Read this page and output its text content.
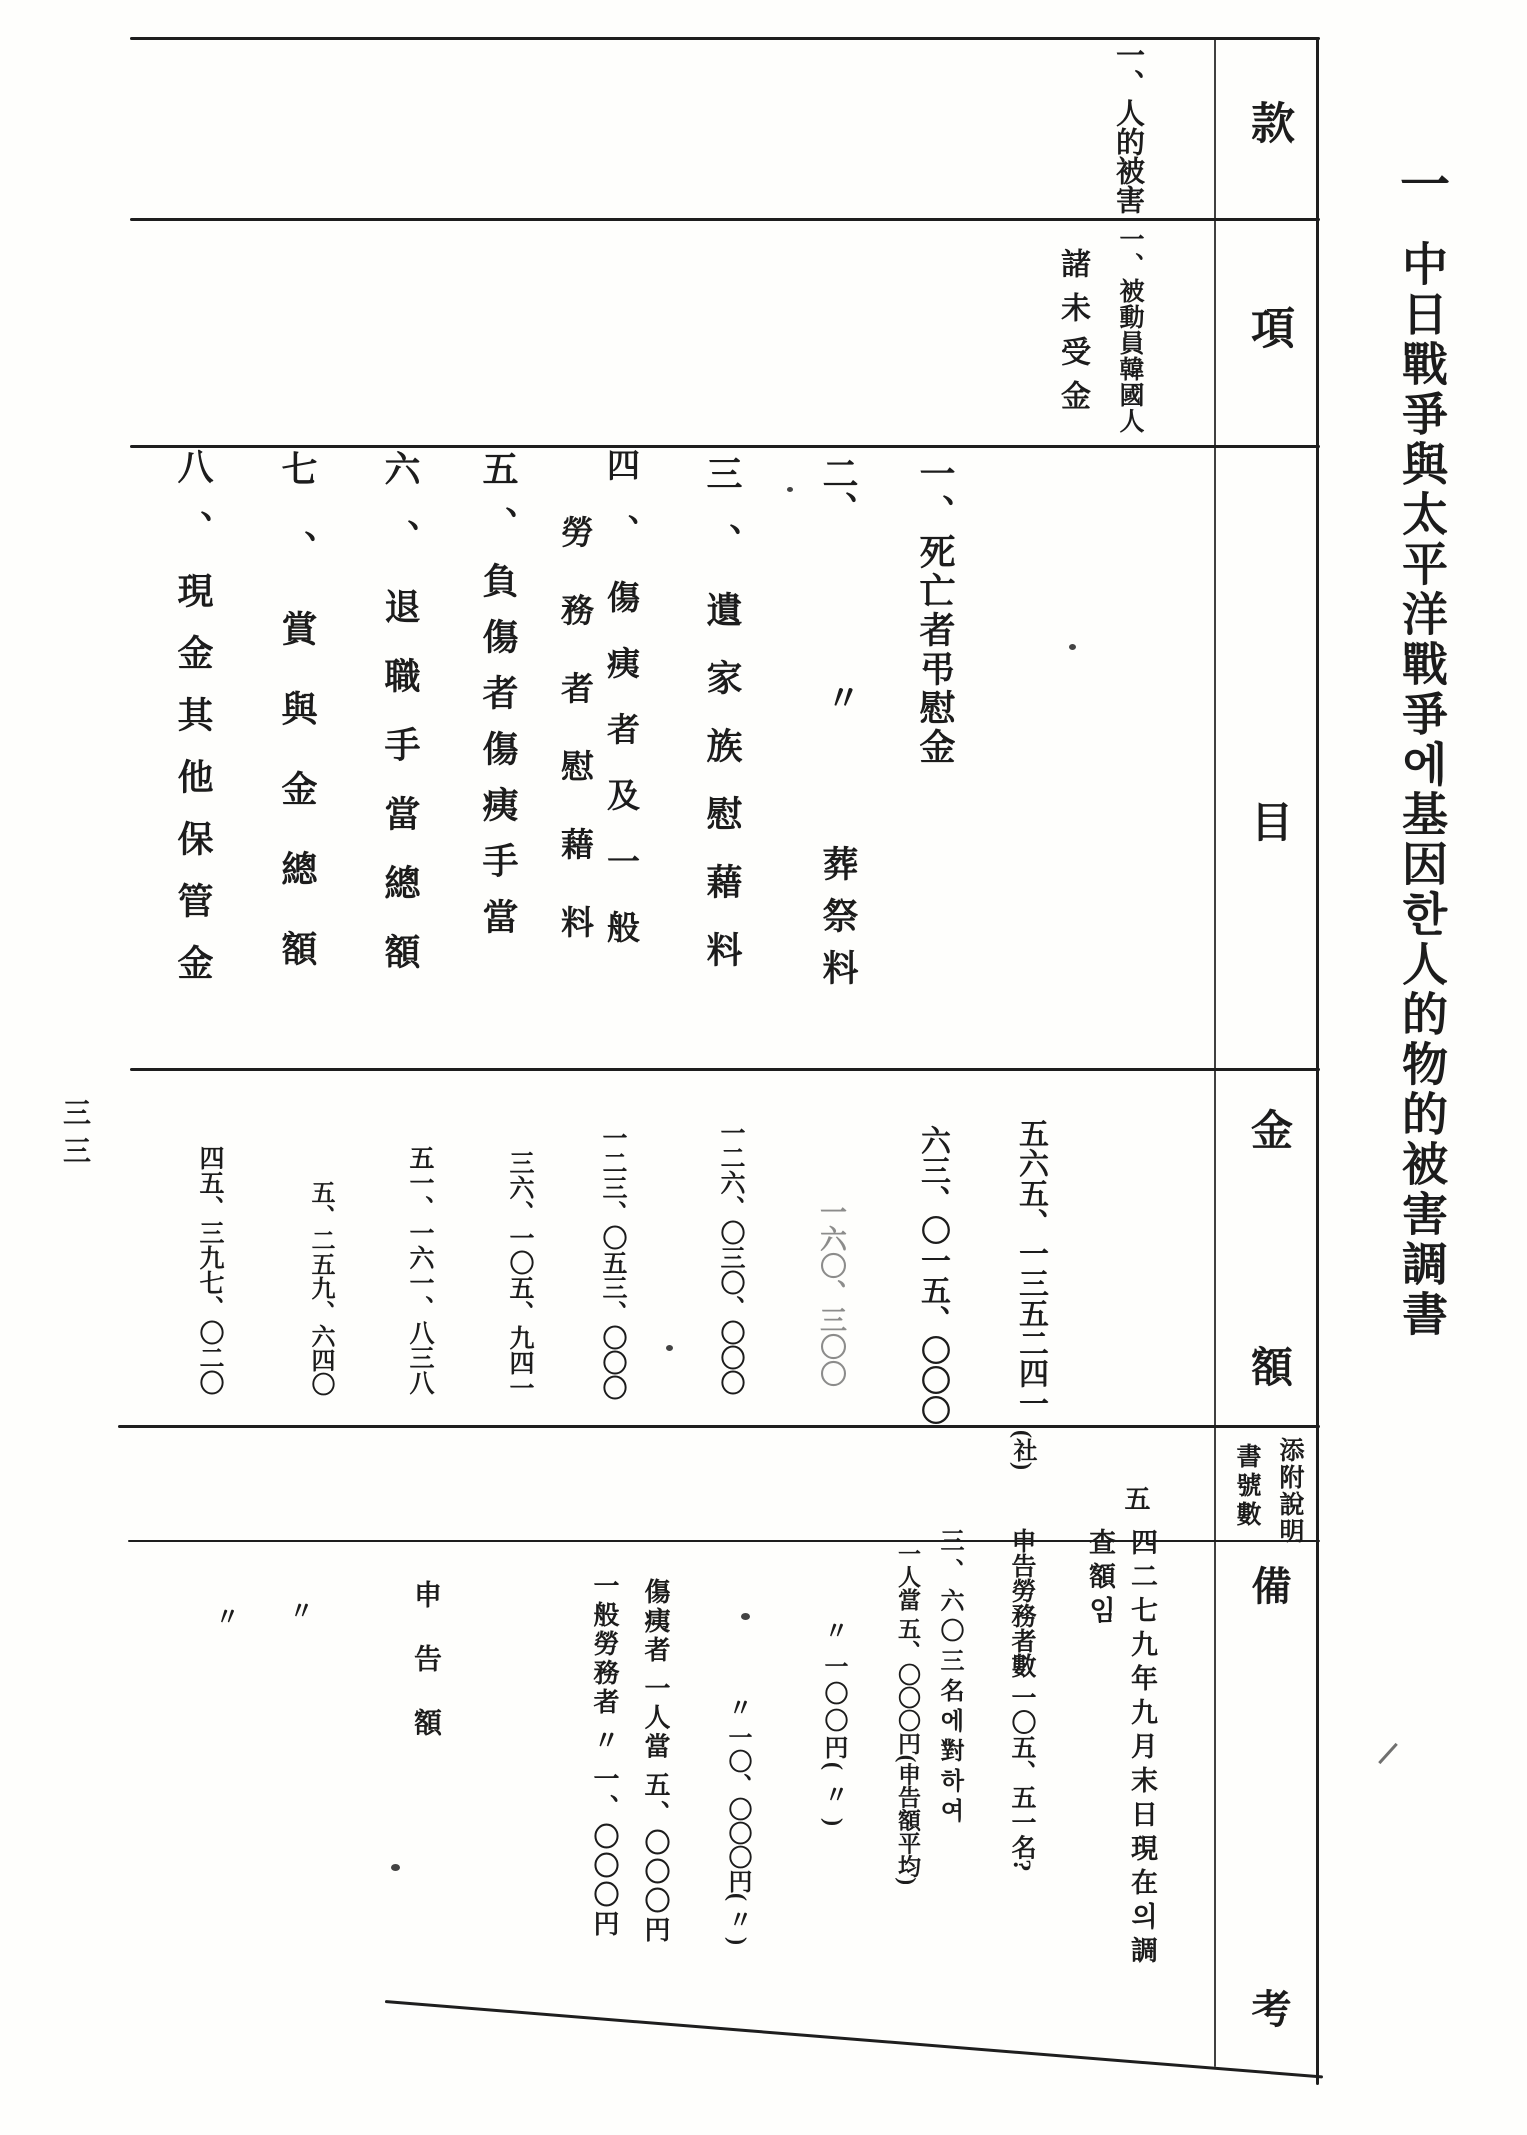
一
中日戰爭與太平洋戰爭에基因한人的物的被害調書
三三
款
項
目
金
額
添附說明
書號數
備
考
一、人的被害
一、被動員韓國人
諸未受金
一、死亡者弔慰金
二、
〃
葬祭料
三、遺家族慰藉料
四、傷痍者及一般
勞務者慰藉料
五、負傷者傷痍手當
六、退職手當總額
七、賞與金總額
八、現金其他保管金
五六五、一三五二四一
六三、〇一五、〇〇〇
一六〇、三〇〇
一二六、〇三〇、〇〇〇
一二三、〇五三、〇〇〇
三六、一〇五、九四一
五一、一六一、八三八
五、二五九、六四〇
四五、三九七、〇二〇
五
(社)
四二七九年九月末日現在의調
查額임
申告勞務者數 一〇五、五一名?
三、六〇三名에對하여
一人當 五、〇〇〇円(申告額平均)
〃 一〇〇円( 〃 )
〃 一〇、〇〇〇円( 〃 )
傷痍者 一人當 五、〇〇〇円
一般勞務者 〃 一、〇〇〇円
申告額
〃
〃
